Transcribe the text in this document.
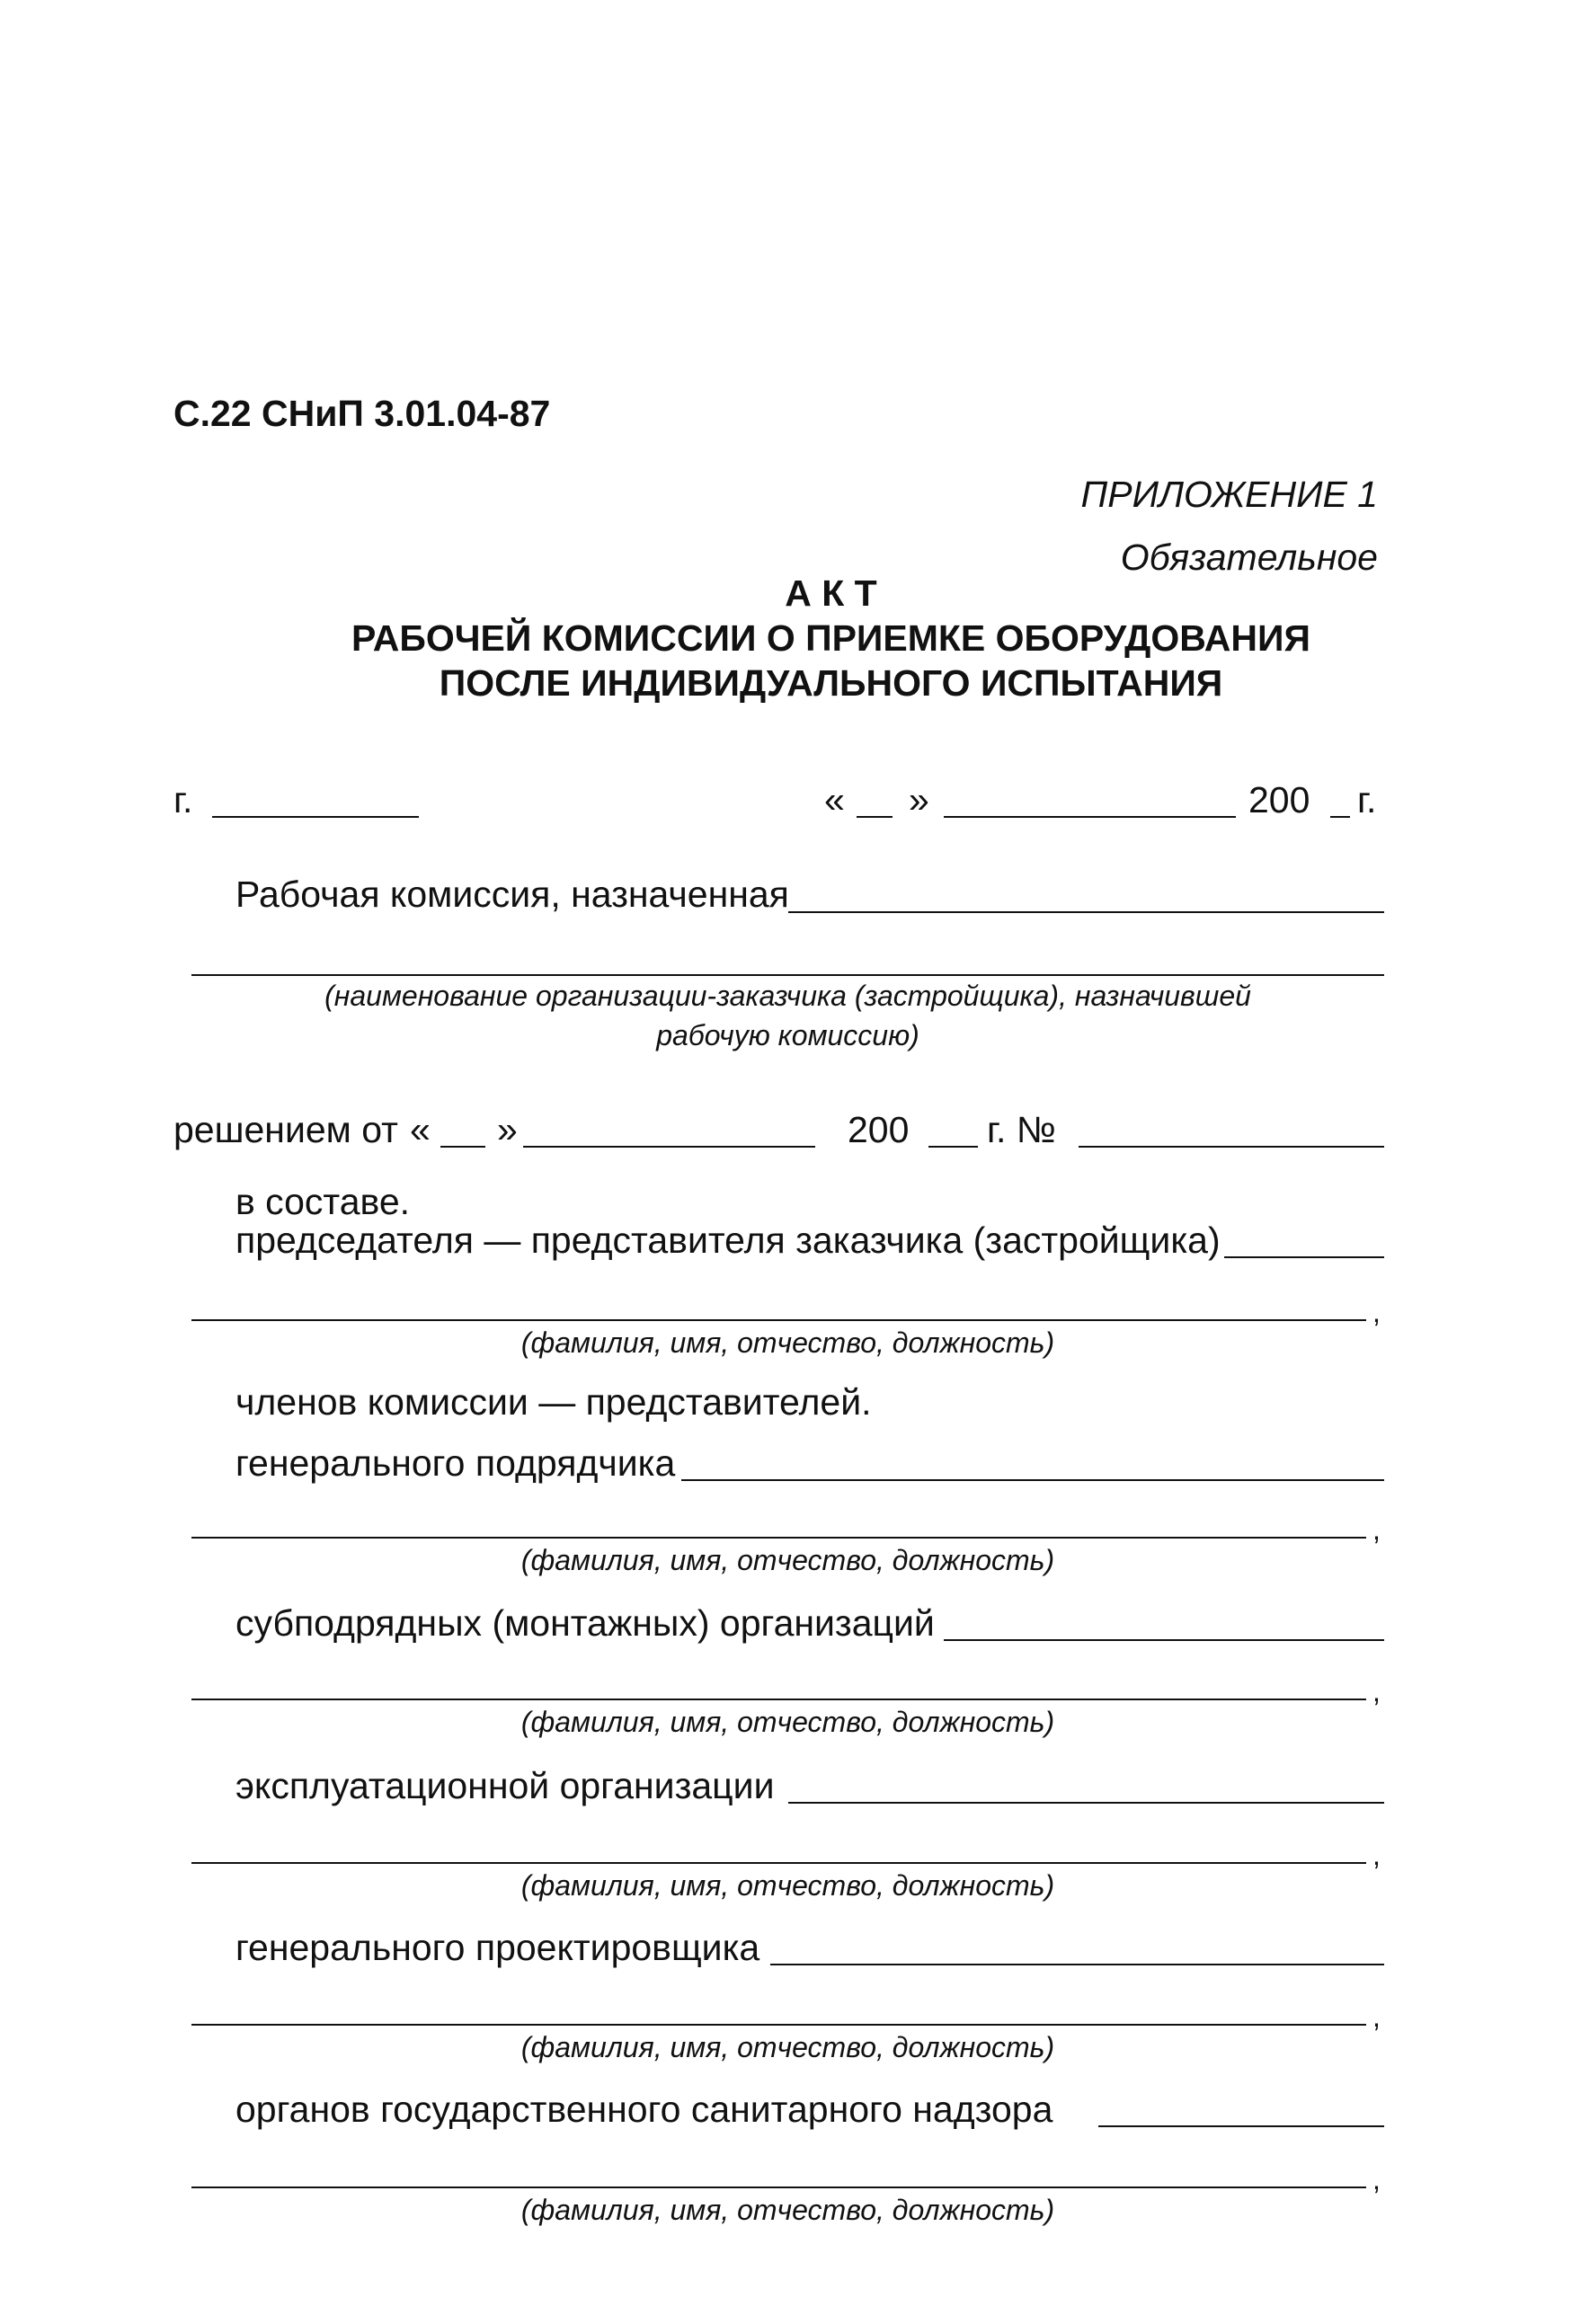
С.22 СНиП 3.01.04-87
ПРИЛОЖЕНИЕ 1
Обязательное
А К Т
РАБОЧЕЙ КОМИССИИ О ПРИЕМКЕ ОБОРУДОВАНИЯ
ПОСЛЕ ИНДИВИДУАЛЬНОГО ИСПЫТАНИЯ
г.	« »	200 г.
Рабочая комиссия, назначенная
(наименование организации-заказчика (застройщика), назначившей
рабочую комиссию)
решением от « »	200 г. №
в составе.
председателя — представителя заказчика (застройщика)
,
(фамилия, имя, отчество, должность)
членов комиссии — представителей.
генерального подрядчика
,
(фамилия, имя, отчество, должность)
субподрядных (монтажных) организаций
,
(фамилия, имя, отчество, должность)
эксплуатационной организации
,
(фамилия, имя, отчество, должность)
генерального проектировщика
,
(фамилия, имя, отчество, должность)
органов государственного санитарного надзора
,
(фамилия, имя, отчество, должность)
